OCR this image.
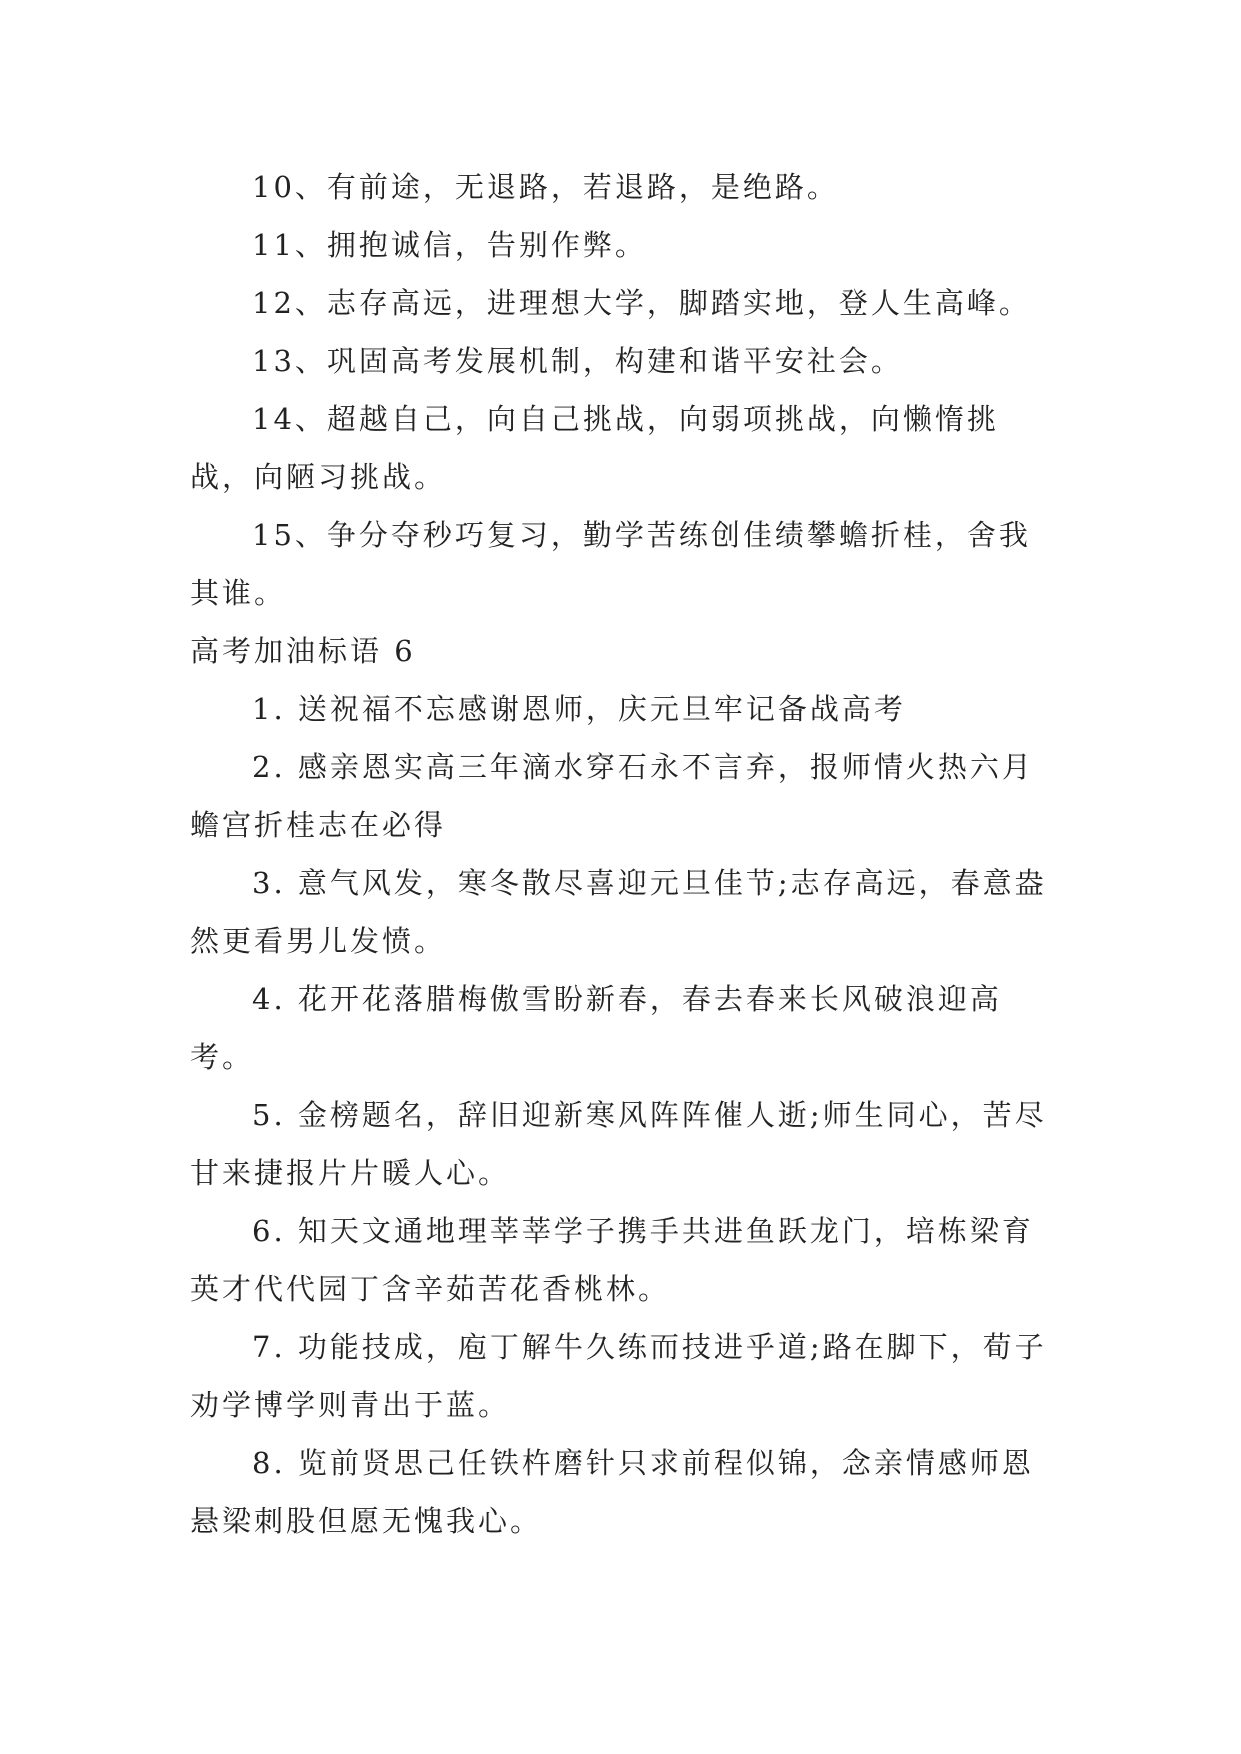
10、有前途，无退路，若退路，是绝路。

11、拥抱诚信，告别作弊。

12、志存高远，进理想大学，脚踏实地，登人生高峰。

13、巩固高考发展机制，构建和谐平安社会。

14、超越自己，向自己挑战，向弱项挑战，向懒惰挑战，向陋习挑战。

15、争分夺秒巧复习，勤学苦练创佳绩攀蟾折桂，舍我其谁。

高考加油标语 6

1. 送祝福不忘感谢恩师，庆元旦牢记备战高考

2. 感亲恩实高三年滴水穿石永不言弃，报师情火热六月蟾宫折桂志在必得

3. 意气风发，寒冬散尽喜迎元旦佳节;志存高远，春意盎然更看男儿发愤。

4. 花开花落腊梅傲雪盼新春，春去春来长风破浪迎高考。

5. 金榜题名，辞旧迎新寒风阵阵催人逝;师生同心，苦尽甘来捷报片片暖人心。

6. 知天文通地理莘莘学子携手共进鱼跃龙门，培栋梁育英才代代园丁含辛茹苦花香桃林。

7. 功能技成，庖丁解牛久练而技进乎道;路在脚下，荀子劝学博学则青出于蓝。

8. 览前贤思己任铁杵磨针只求前程似锦，念亲情感师恩悬梁刺股但愿无愧我心。
